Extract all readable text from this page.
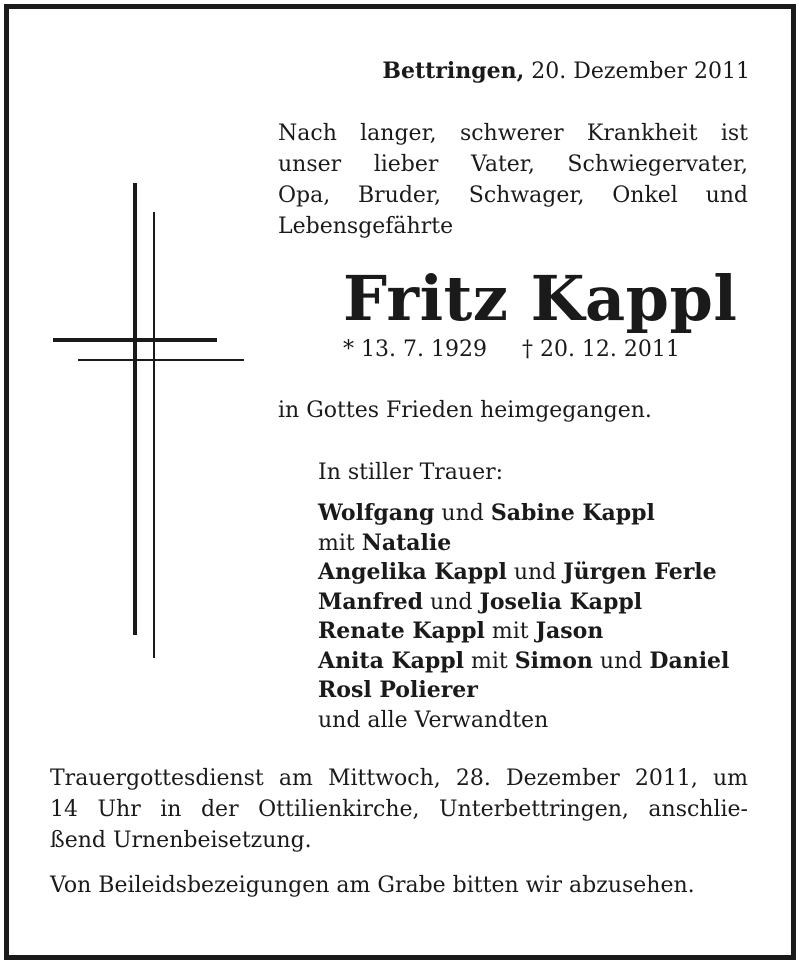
Bettringen, 20. Dezember 2011
Nach langer, schwerer Krankheit ist
unser lieber Vater, Schwiegervater,
Opa, Bruder, Schwager, Onkel und
Lebensgefährte
Fritz Kappl
* 13. 7. 1929 † 20. 12. 2011
in Gottes Frieden heimgegangen.
In stiller Trauer:
Wolfgang und Sabine Kappl
mit Natalie
Angelika Kappl und Jürgen Ferle
Manfred und Joselia Kappl
Renate Kappl mit Jason
Anita Kappl mit Simon und Daniel
Rosl Polierer
und alle Verwandten
Trauergottesdienst am Mittwoch, 28. Dezember 2011, um
14 Uhr in der Ottilienkirche, Unterbettringen, anschlie-
ßend Urnenbeisetzung.
Von Beileidsbezeigungen am Grabe bitten wir abzusehen.
